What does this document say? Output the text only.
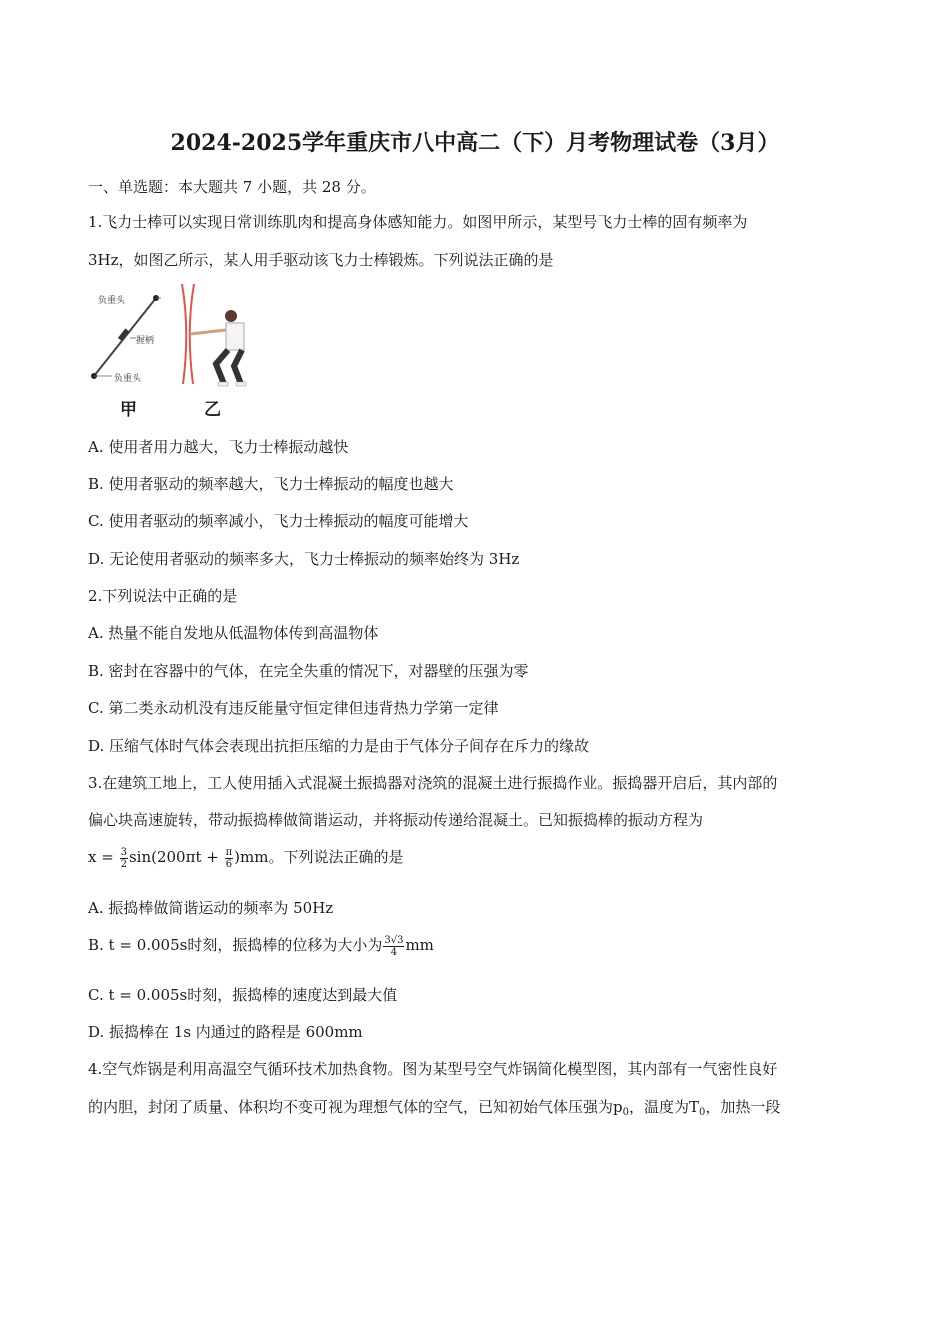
2024-2025学年重庆市八中高二（下）月考物理试卷（3月）
一、单选题：本大题共 7 小题，共 28 分。
1.飞力士棒可以实现日常训练肌肉和提高身体感知能力。如图甲所示，某型号飞力士棒的固有频率为
3Hz，如图乙所示，某人用手驱动该飞力士棒锻炼。下列说法正确的是
负重头
握柄
负重头
甲	乙
A. 使用者用力越大，飞力士棒振动越快
B. 使用者驱动的频率越大，飞力士棒振动的幅度也越大
C. 使用者驱动的频率减小，飞力士棒振动的幅度可能增大
D. 无论使用者驱动的频率多大，飞力士棒振动的频率始终为 3Hz
2.下列说法中正确的是
A. 热量不能自发地从低温物体传到高温物体
B. 密封在容器中的气体，在完全失重的情况下，对器壁的压强为零
C. 第二类永动机没有违反能量守恒定律但违背热力学第一定律
D. 压缩气体时气体会表现出抗拒压缩的力是由于气体分子间存在斥力的缘故
3.在建筑工地上，工人使用插入式混凝土振捣器对浇筑的混凝土进行振捣作业。振捣器开启后，其内部的
偏心块高速旋转，带动振捣棒做简谐运动，并将振动传递给混凝土。已知振捣棒的振动方程为
$x = \frac{3}{2} \sin(200\pi t + \frac{\pi}{6} )mm$。下列说法正确的是
A. 振捣棒做简谐运动的频率为 50Hz
B. t = 0.005s时刻，振捣棒的位移为大小为 $\frac{3√3}{4}$ mm
C. t = 0.005s时刻，振捣棒的速度达到最大值
D. 振捣棒在 1s 内通过的路程是 600mm
4.空气炸锅是利用高温空气循环技术加热食物。图为某型号空气炸锅简化模型图，其内部有一气密性良好
的内胆，封闭了质量、体积均不变可视为理想气体的空气，已知初始气体压强为$p_0$，温度为$T_0$，加热一段
